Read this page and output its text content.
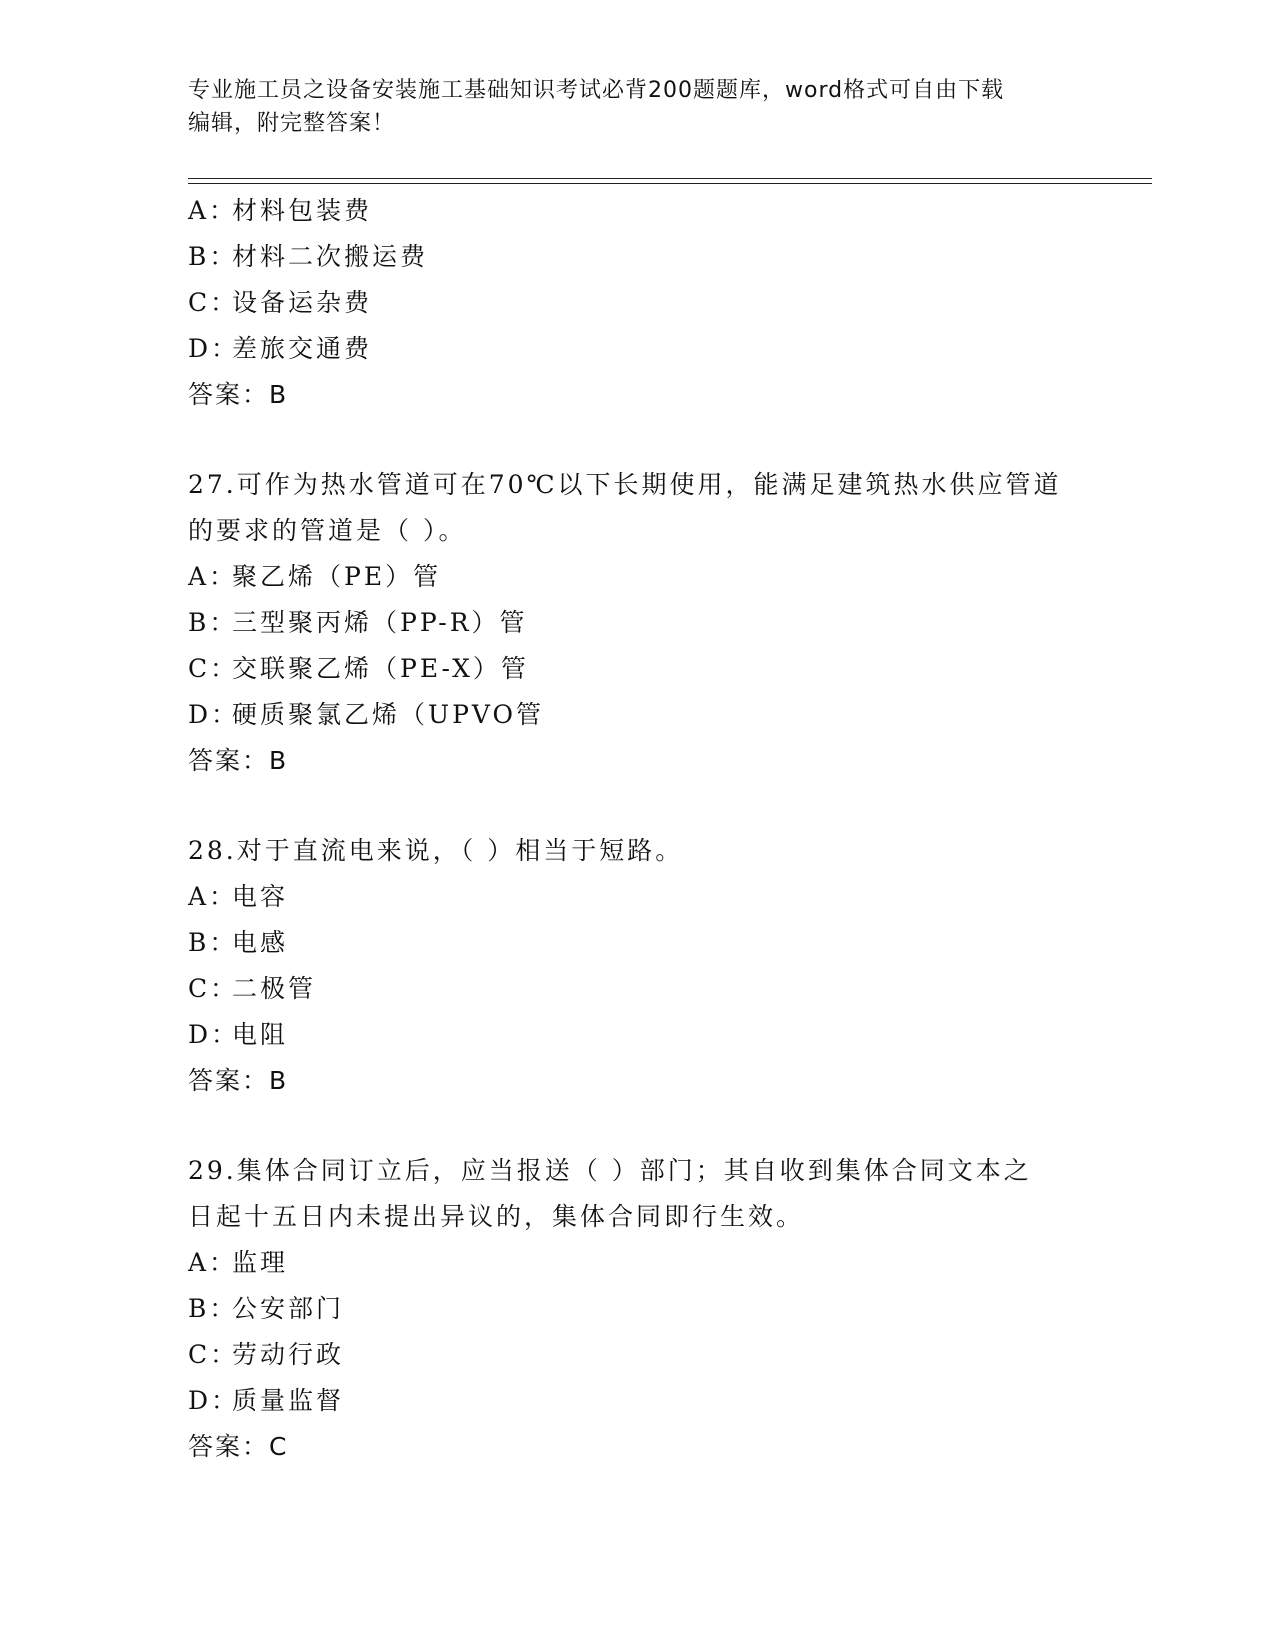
专业施工员之设备安装施工基础知识考试必背200题题库，word格式可自由下载
编辑，附完整答案！
A：材料包装费
B：材料二次搬运费
C：设备运杂费
D：差旅交通费
答案：B
27.可作为热水管道可在70℃以下长期使用，能满足建筑热水供应管道
的要求的管道是（ ）。
A：聚乙烯（PE）管
B：三型聚丙烯（PP-R）管
C：交联聚乙烯（PE-X）管
D：硬质聚氯乙烯（UPVO管
答案：B
28.对于直流电来说，（ ）相当于短路。
A：电容
B：电感
C：二极管
D：电阻
答案：B
29.集体合同订立后，应当报送（ ）部门；其自收到集体合同文本之
日起十五日内未提出异议的，集体合同即行生效。
A：监理
B：公安部门
C：劳动行政
D：质量监督
答案：C
